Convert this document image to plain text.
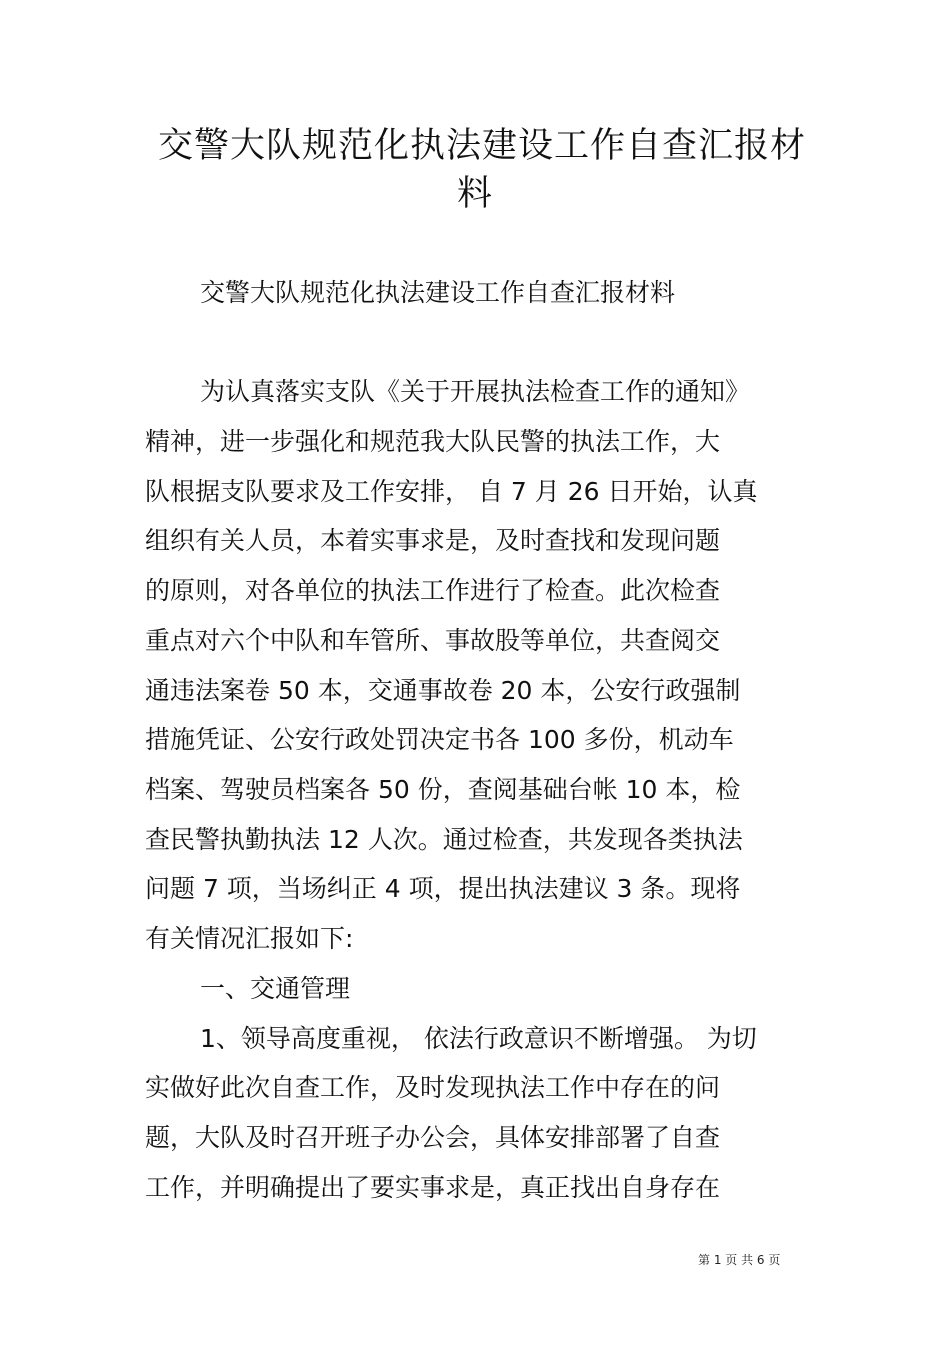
交警大队规范化执法建设工作自查汇报材
料
交警大队规范化执法建设工作自查汇报材料
为认真落实支队《关于开展执法检查工作的通知》
精神，进一步强化和规范我大队民警的执法工作，大
队根据支队要求及工作安排， 自 7 月 26 日开始，认真
组织有关人员，本着实事求是，及时查找和发现问题
的原则，对各单位的执法工作进行了检查。此次检查
重点对六个中队和车管所、事故股等单位，共查阅交
通违法案卷 50 本，交通事故卷 20 本，公安行政强制
措施凭证、公安行政处罚决定书各 100 多份，机动车
档案、驾驶员档案各 50 份，查阅基础台帐 10 本，检
查民警执勤执法 12 人次。通过检查，共发现各类执法
问题 7 项，当场纠正 4 项，提出执法建议 3 条。现将
有关情况汇报如下:
一、交通管理
1、领导高度重视， 依法行政意识不断增强。 为切
实做好此次自查工作，及时发现执法工作中存在的问
题，大队及时召开班子办公会，具体安排部署了自查
工作，并明确提出了要实事求是，真正找出自身存在
第 1 页 共 6 页
